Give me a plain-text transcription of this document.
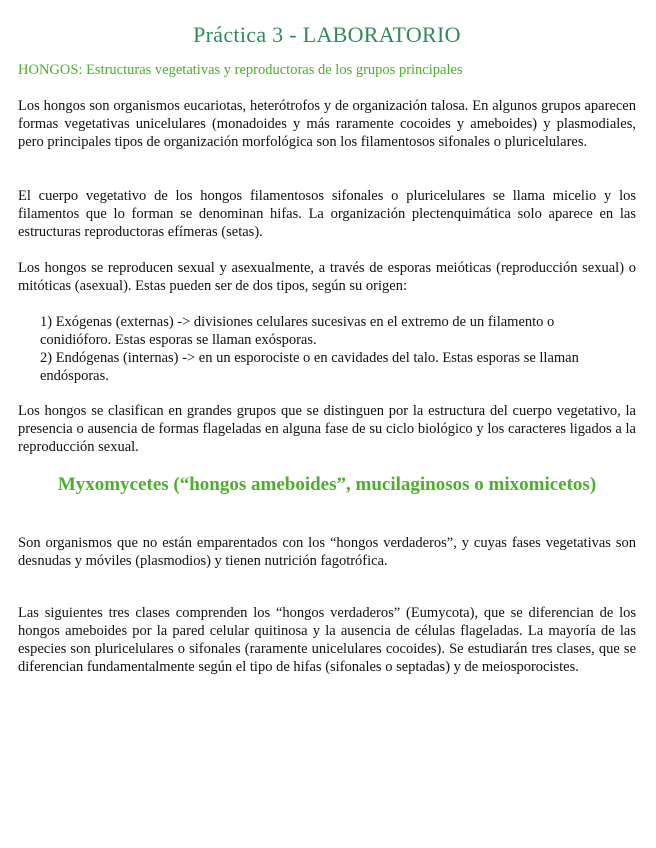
Práctica 3 - LABORATORIO
HONGOS: Estructuras vegetativas y reproductoras de los grupos principales

Los hongos son organismos eucariotas, heterótrofos y de organización talosa. En algunos grupos aparecen formas vegetativas unicelulares (monadoides y más raramente cocoides y ameboides) y plasmodiales, pero principales tipos de organización morfológica son los filamentosos sifonales o pluricelulares.

El cuerpo vegetativo de los hongos filamentosos sifonales o pluricelulares se llama micelio y los filamentos que lo forman se denominan hifas. La organización plectenquimática solo aparece en las estructuras reproductoras efímeras (setas).

Los hongos se reproducen sexual y asexualmente, a través de esporas meióticas (reproducción sexual) o mitóticas (asexual). Estas pueden ser de dos tipos, según su origen:

1) Exógenas (externas) -> divisiones celulares sucesivas en el extremo de un filamento o conidióforo. Estas esporas se llaman exósporas.

2) Endógenas (internas) -> en un esporociste o en cavidades del talo. Estas esporas se llaman endósporas.

Los hongos se clasifican en grandes grupos que se distinguen por la estructura del cuerpo vegetativo, la presencia o ausencia de formas flageladas en alguna fase de su ciclo biológico y los caracteres ligados a la reproducción sexual.

Myxomycetes (“hongos ameboides”, mucilaginosos o mixomicetos)

Son organismos que no están emparentados con los “hongos verdaderos”, y cuyas fases vegetativas son desnudas y móviles (plasmodios) y tienen nutrición fagotrófica.

Las siguientes tres clases comprenden los “hongos verdaderos” (Eumycota), que se diferencian de los hongos ameboides por la pared celular quitinosa y la ausencia de células flageladas. La mayoría de las especies son pluricelulares o sifonales (raramente unicelulares cocoides). Se estudiarán tres clases, que se diferencian fundamentalmente según el tipo de hifas (sifonales o septadas) y de meiosporocistes.
